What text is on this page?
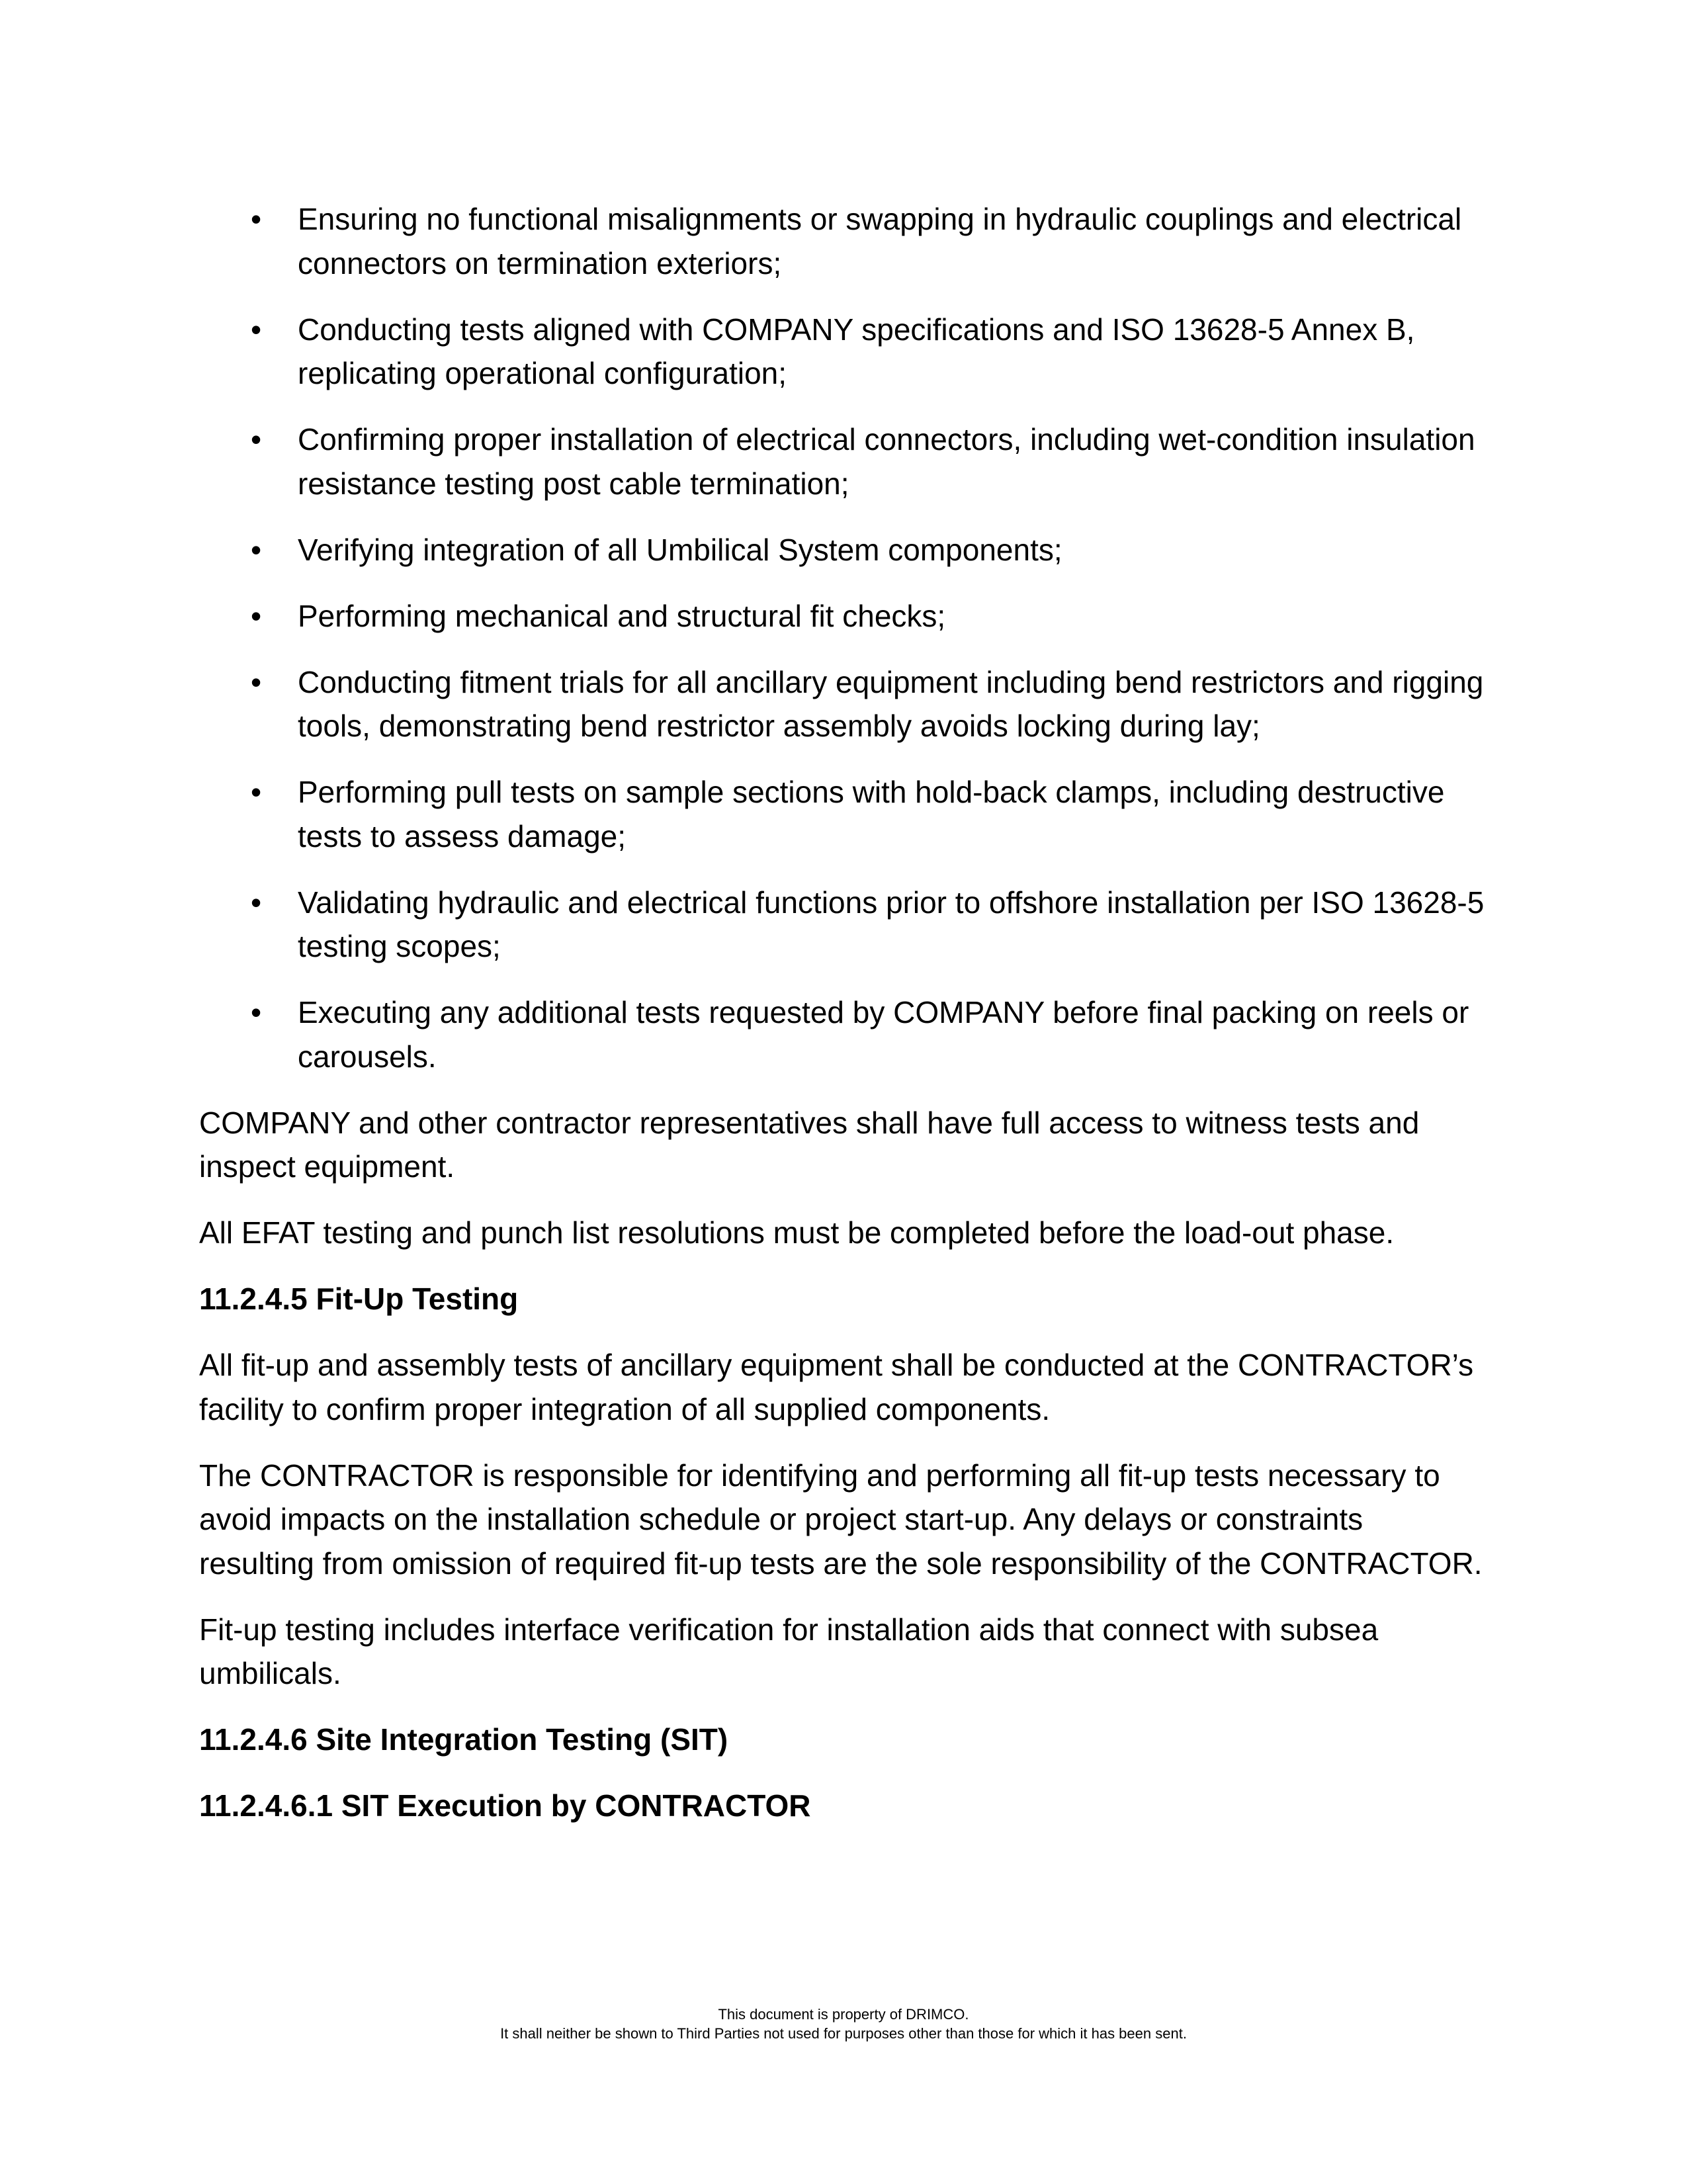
• Ensuring no functional misalignments or swapping in hydraulic couplings and electrical connectors on termination exteriors;
• Conducting tests aligned with COMPANY specifications and ISO 13628-5 Annex B, replicating operational configuration;
• Confirming proper installation of electrical connectors, including wet-condition insulation resistance testing post cable termination;
• Verifying integration of all Umbilical System components;
• Performing mechanical and structural fit checks;
• Conducting fitment trials for all ancillary equipment including bend restrictors and rigging tools, demonstrating bend restrictor assembly avoids locking during lay;
• Performing pull tests on sample sections with hold-back clamps, including destructive tests to assess damage;
• Validating hydraulic and electrical functions prior to offshore installation per ISO 13628-5 testing scopes;
• Executing any additional tests requested by COMPANY before final packing on reels or carousels.

COMPANY and other contractor representatives shall have full access to witness tests and inspect equipment.

All EFAT testing and punch list resolutions must be completed before the load-out phase.

11.2.4.5 Fit-Up Testing

All fit-up and assembly tests of ancillary equipment shall be conducted at the CONTRACTOR’s facility to confirm proper integration of all supplied components.

The CONTRACTOR is responsible for identifying and performing all fit-up tests necessary to avoid impacts on the installation schedule or project start-up. Any delays or constraints resulting from omission of required fit-up tests are the sole responsibility of the CONTRACTOR.

Fit-up testing includes interface verification for installation aids that connect with subsea umbilicals.

11.2.4.6 Site Integration Testing (SIT)

11.2.4.6.1 SIT Execution by CONTRACTOR

This document is property of DRIMCO.
It shall neither be shown to Third Parties not used for purposes other than those for which it has been sent.
